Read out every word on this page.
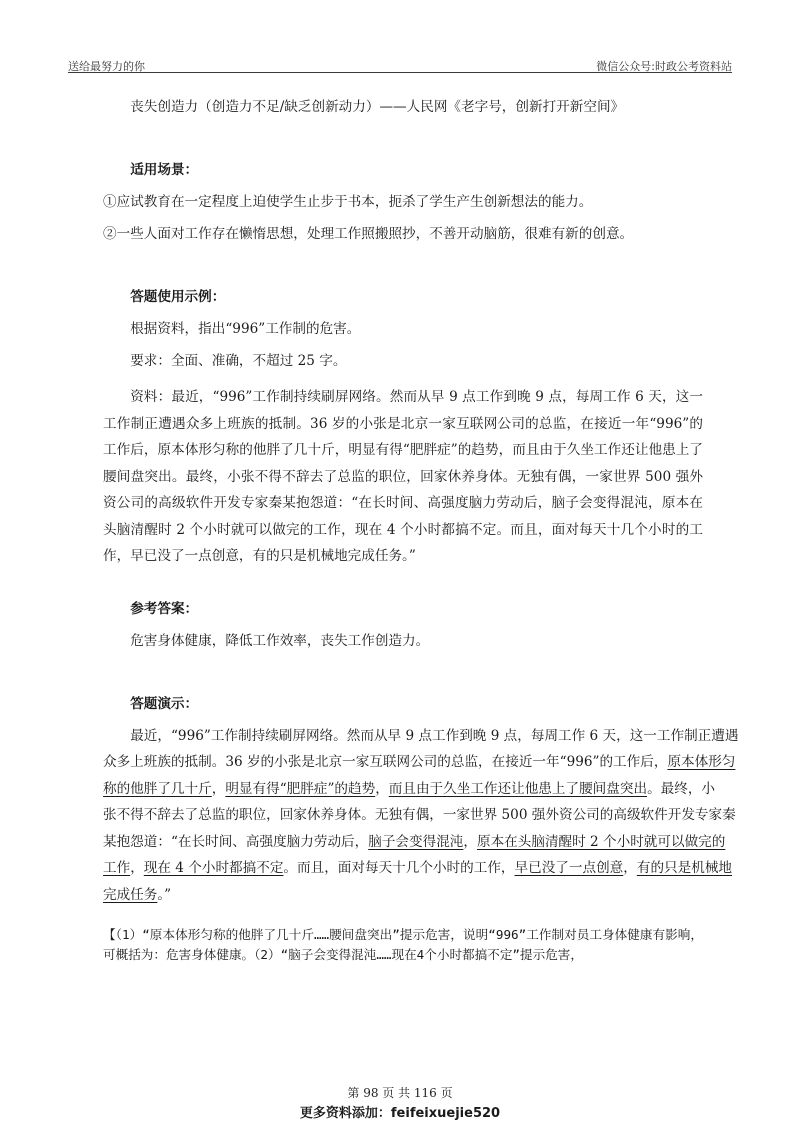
送给最努力的你	微信公众号:时政公考资料站
丧失创造力（创造力不足/缺乏创新动力）——人民网《老字号，创新打开新空间》
适用场景：
①应试教育在一定程度上迫使学生止步于书本，扼杀了学生产生创新想法的能力。
②一些人面对工作存在懒惰思想，处理工作照搬照抄，不善开动脑筋，很难有新的创意。
答题使用示例：
根据资料，指出“996”工作制的危害。
要求：全面、准确，不超过 25 字。
资料：最近，“996”工作制持续刷屏网络。然而从早 9 点工作到晚 9 点，每周工作 6 天，这一工作制正遭遇众多上班族的抵制。36 岁的小张是北京一家互联网公司的总监，在接近一年“996”的工作后，原本体形匀称的他胖了几十斤，明显有得“肥胖症”的趋势，而且由于久坐工作还让他患上了腰间盘突出。最终，小张不得不辞去了总监的职位，回家休养身体。无独有偶，一家世界 500 强外资公司的高级软件开发专家秦某抱怨道：“在长时间、高强度脑力劳动后，脑子会变得混沌，原本在头脑清醒时 2 个小时就可以做完的工作，现在 4 个小时都搞不定。而且，面对每天十几个小时的工作，早已没了一点创意，有的只是机械地完成任务。”
参考答案：
危害身体健康，降低工作效率，丧失工作创造力。
答题演示：
最近，“996”工作制持续刷屏网络。然而从早 9 点工作到晚 9 点，每周工作 6 天，这一工作制正遭遇
众多上班族的抵制。36 岁的小张是北京一家互联网公司的总监，在接近一年“996”的工作后，原本体形匀
称的他胖了几十斤，明显有得“肥胖症”的趋势，而且由于久坐工作还让他患上了腰间盘突出。最终，小
张不得不辞去了总监的职位，回家休养身体。无独有偶，一家世界 500 强外资公司的高级软件开发专家秦
某抱怨道：“在长时间、高强度脑力劳动后，脑子会变得混沌，原本在头脑清醒时 2 个小时就可以做完的
工作，现在 4 个小时都搞不定。而且，面对每天十几个小时的工作，早已没了一点创意，有的只是机械地
完成任务。”
【（1）“原本体形匀称的他胖了几十斤……腰间盘突出”提示危害，说明“996”工作制对员工身体健康有影响，可概括为：危害身体健康。（2）“脑子会变得混沌……现在4个小时都搞不定”提示危害，
第 98 页 共 116 页
更多资料添加：feifeixuejie520
